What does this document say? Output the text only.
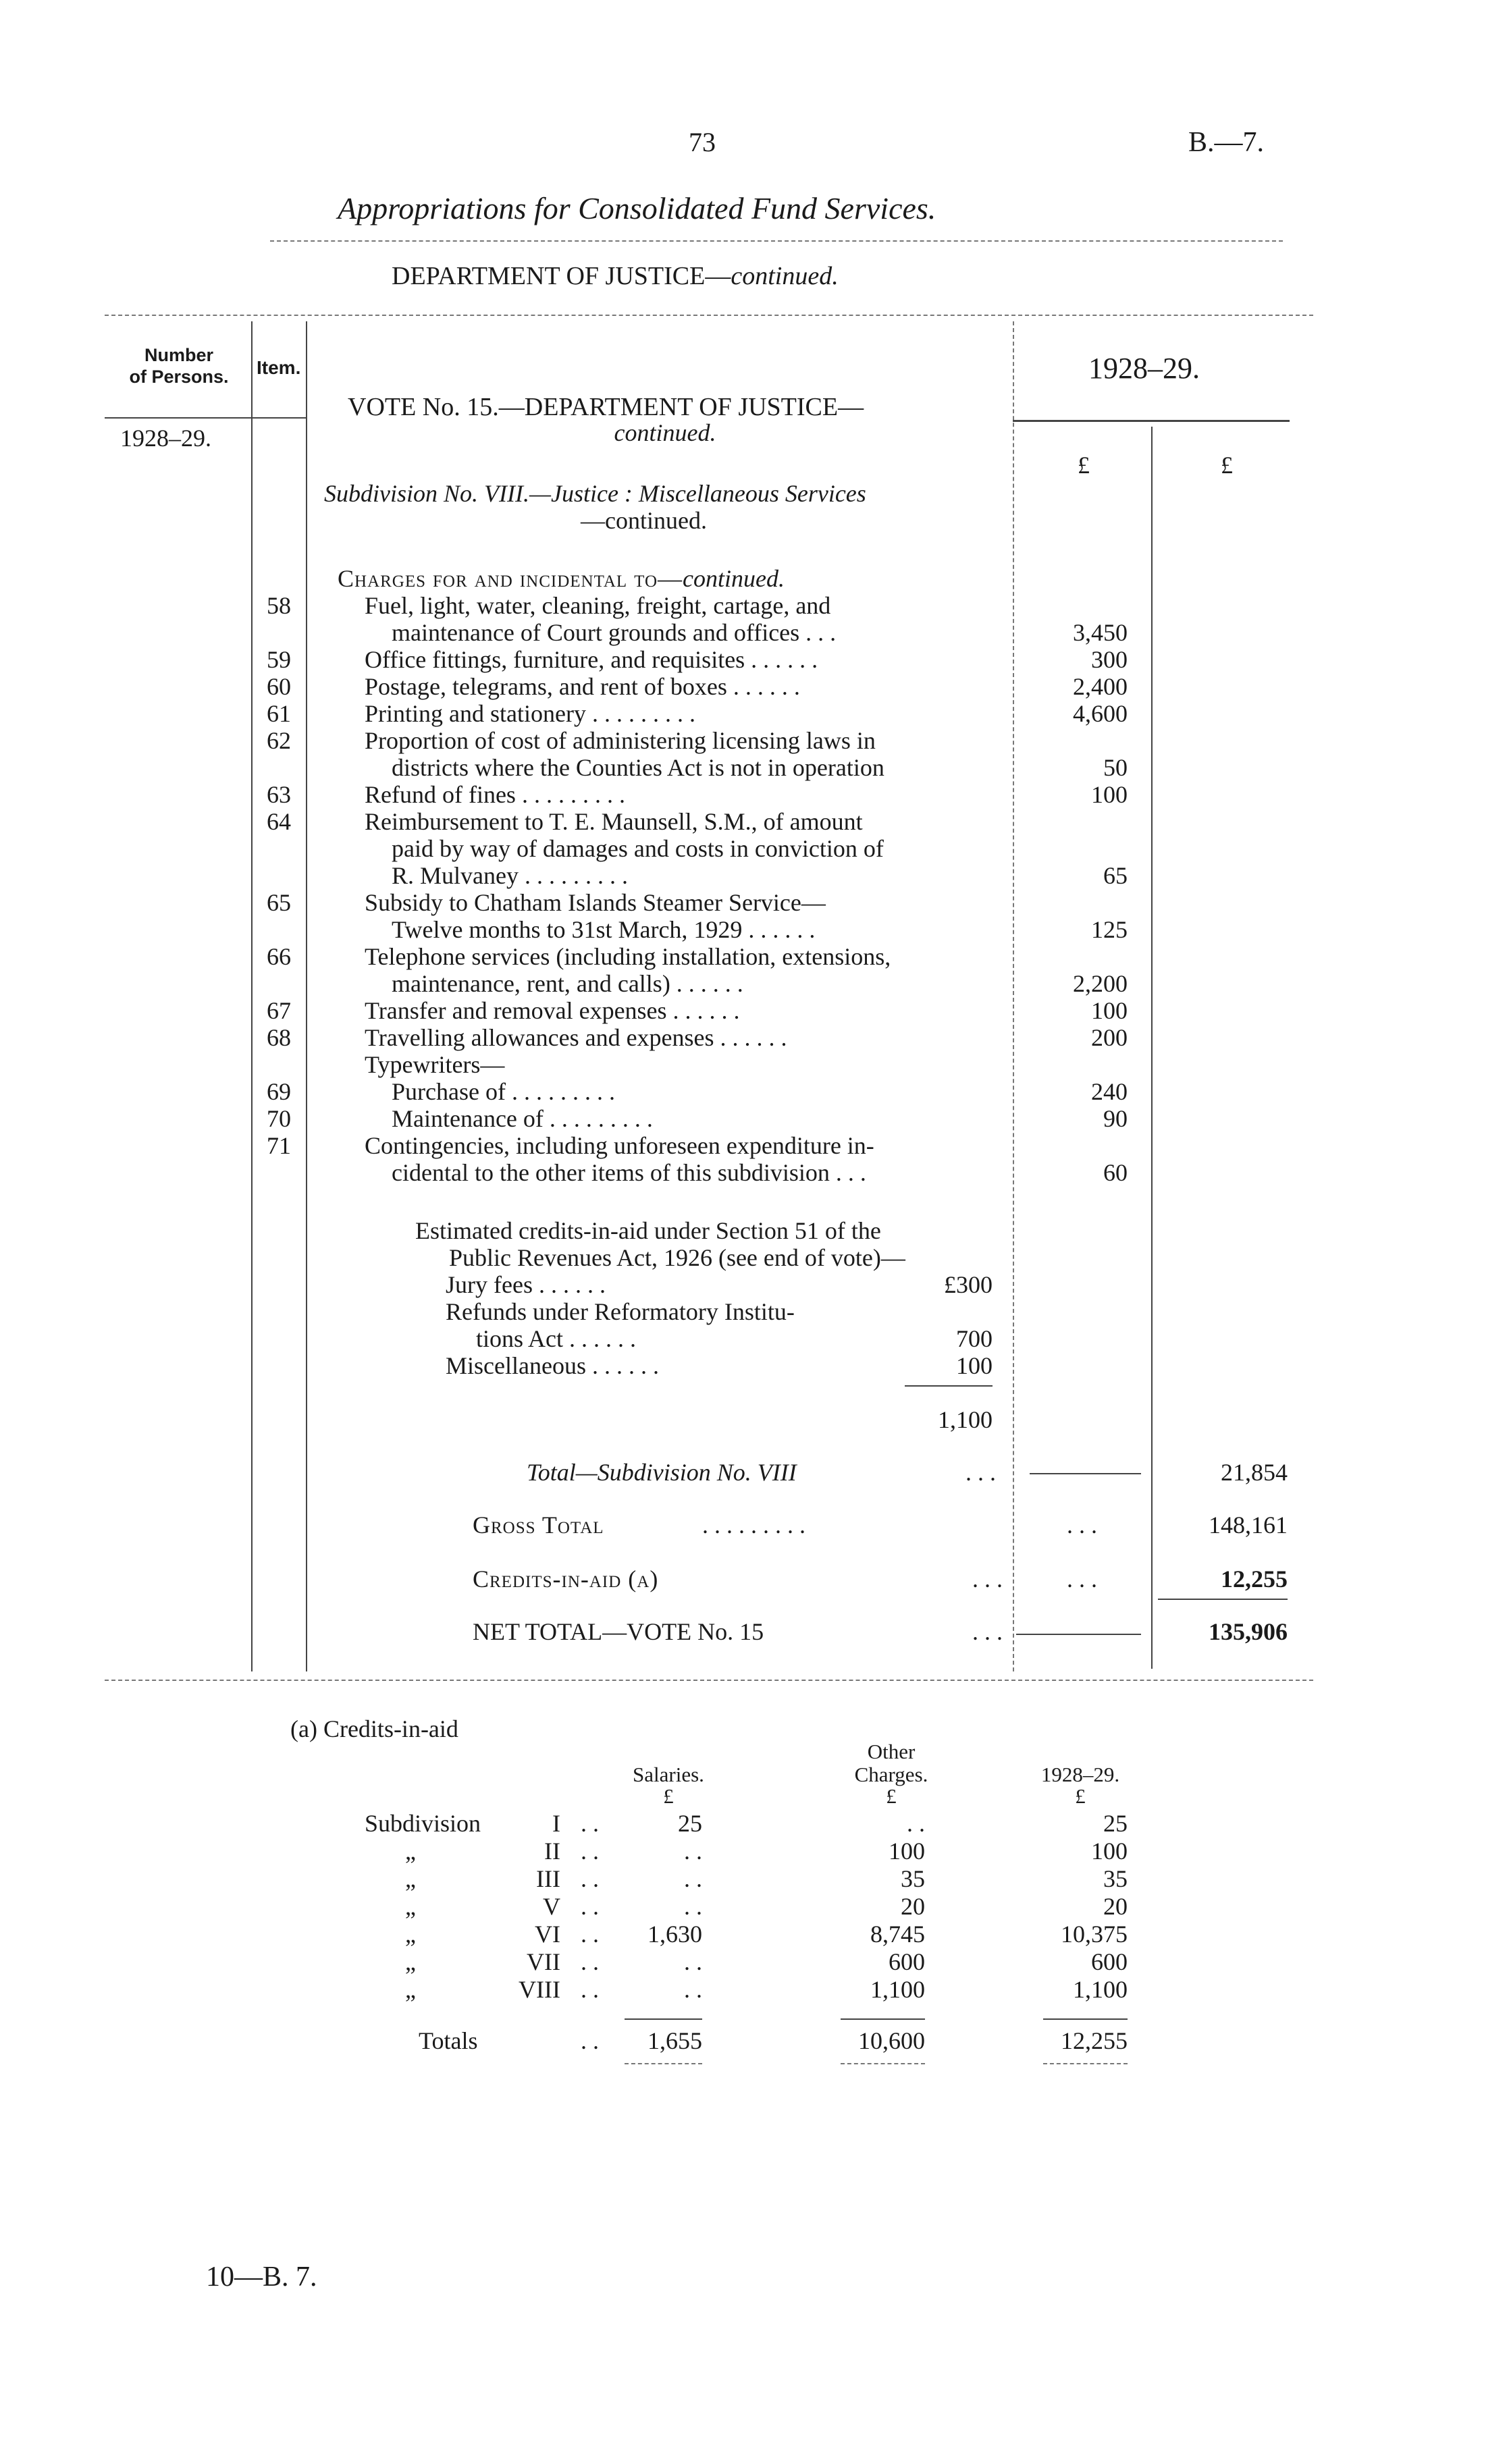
73	B.—7.
Appropriations for Consolidated Fund Services.
DEPARTMENT OF JUSTICE—continued.
Number
of Persons.	Item.
1928–29.
1928–29.
£	£
VOTE No. 15.—DEPARTMENT OF JUSTICE—
continued.
Subdivision No. VIII.—Justice : Miscellaneous Services
—continued.
Charges for and incidental to—continued.
58	Fuel, light, water, cleaning, freight, cartage, and
maintenance of Court grounds and offices . . .	3,450
59	Office fittings, furniture, and requisites . . . . . .	300
60	Postage, telegrams, and rent of boxes . . . . . .	2,400
61	Printing and stationery . . . . . . . . .	4,600
62	Proportion of cost of administering licensing laws in
districts where the Counties Act is not in operation	50
63	Refund of fines . . . . . . . . .	100
64	Reimbursement to T. E. Maunsell, S.M., of amount
paid by way of damages and costs in conviction of
R. Mulvaney . . . . . . . . .	65
65	Subsidy to Chatham Islands Steamer Service—
Twelve months to 31st March, 1929 . . . . . .	125
66	Telephone services (including installation, extensions,
maintenance, rent, and calls) . . . . . .	2,200
67	Transfer and removal expenses . . . . . .	100
68	Travelling allowances and expenses . . . . . .	200
Typewriters—
69	Purchase of . . . . . . . . .	240
70	Maintenance of . . . . . . . . .	90
71	Contingencies, including unforeseen expenditure in-
cidental to the other items of this subdivision . . .	60
Estimated credits-in-aid under Section 51 of the
Public Revenues Act, 1926 (see end of vote)—
Jury fees . . . . . .	£300
Refunds under Reformatory Institu-
tions Act . . . . . .	700
Miscellaneous . . . . . .	100
1,100
Total—Subdivision No. VIII	. . .	21,854
Gross Total	. . . . . . . . .	. . .	148,161
Credits-in-aid (a)	. . .	. . .	12,255
NET TOTAL—VOTE No. 15	. . .	135,906
(a) Credits-in-aid
Salaries.
Other
Charges.	1928–29.
£	£	£
Subdivision	I . .	25	. .	25
„	II . .	. .	100	100
„	III . .	. .	35	35
„	V . .	. .	20	20
„	VI . .	1,630	8,745	10,375
„	VII . .	. .	600	600
„	VIII . .	. .	1,100	1,100
Totals	. .	1,655	10,600	12,255
10—B. 7.
